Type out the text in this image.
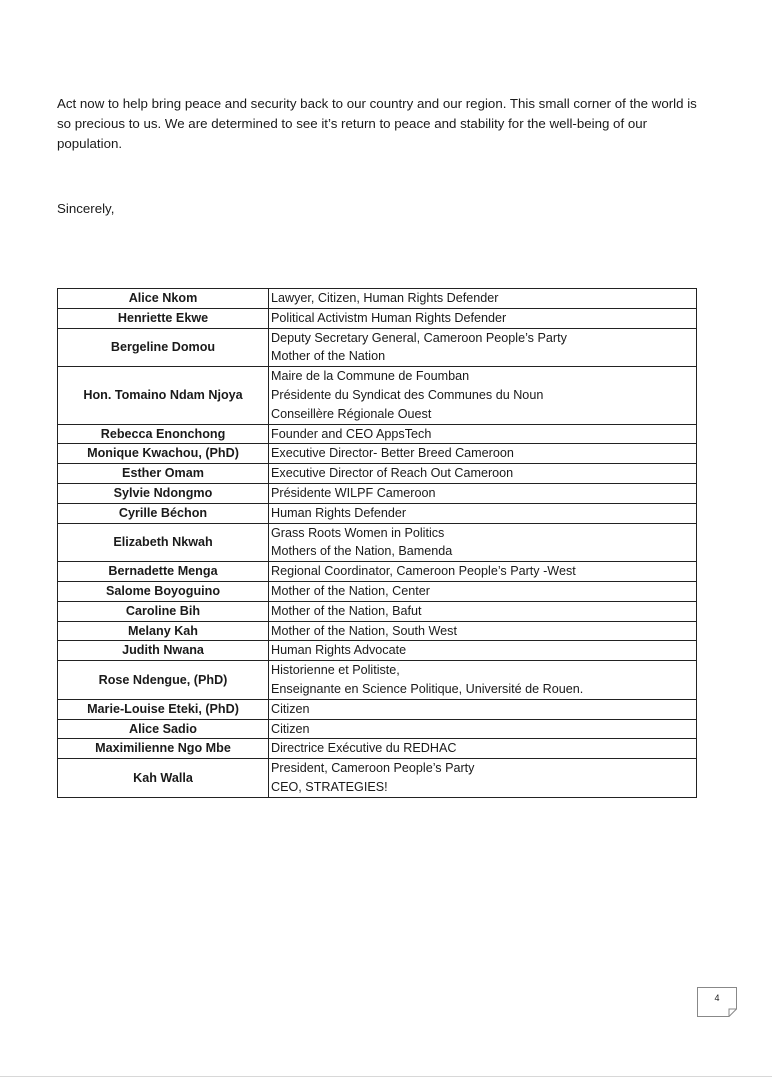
Act now to help bring peace and security back to our country and our region. This small corner of the world is so precious to us. We are determined to see it’s return to peace and stability for the well-being of our population.

Sincerely,

Alice Nkom	Lawyer, Citizen, Human Rights Defender

Henriette Ekwe	Political Activistm Human Rights Defender

Bergeline Domou	Deputy Secretary General, Cameroon People’s Party
Mother of the Nation

Hon. Tomaino Ndam Njoya	Maire de la Commune de Foumban
Présidente du Syndicat des Communes du Noun
Conseillère Régionale Ouest

Rebecca Enonchong	Founder and CEO AppsTech

Monique Kwachou, (PhD)	Executive Director- Better Breed Cameroon

Esther Omam	Executive Director of Reach Out Cameroon

Sylvie Ndongmo	Présidente WILPF Cameroon

Cyrille Béchon	Human Rights Defender

Elizabeth Nkwah	Grass Roots Women in Politics
Mothers of the Nation, Bamenda

Bernadette Menga	Regional Coordinator, Cameroon People’s Party -West

Salome Boyoguino	Mother of the Nation, Center

Caroline Bih	Mother of the Nation, Bafut

Melany Kah	Mother of the Nation, South West

Judith Nwana	Human Rights Advocate

Rose Ndengue, (PhD)	Historienne et Politiste,
Enseignante en Science Politique, Université de Rouen.

Marie-Louise Eteki, (PhD)	Citizen

Alice Sadio	Citizen

Maximilienne Ngo Mbe	Directrice Exécutive du REDHAC

Kah Walla	President, Cameroon People’s Party
CEO, STRATEGIES!
4
